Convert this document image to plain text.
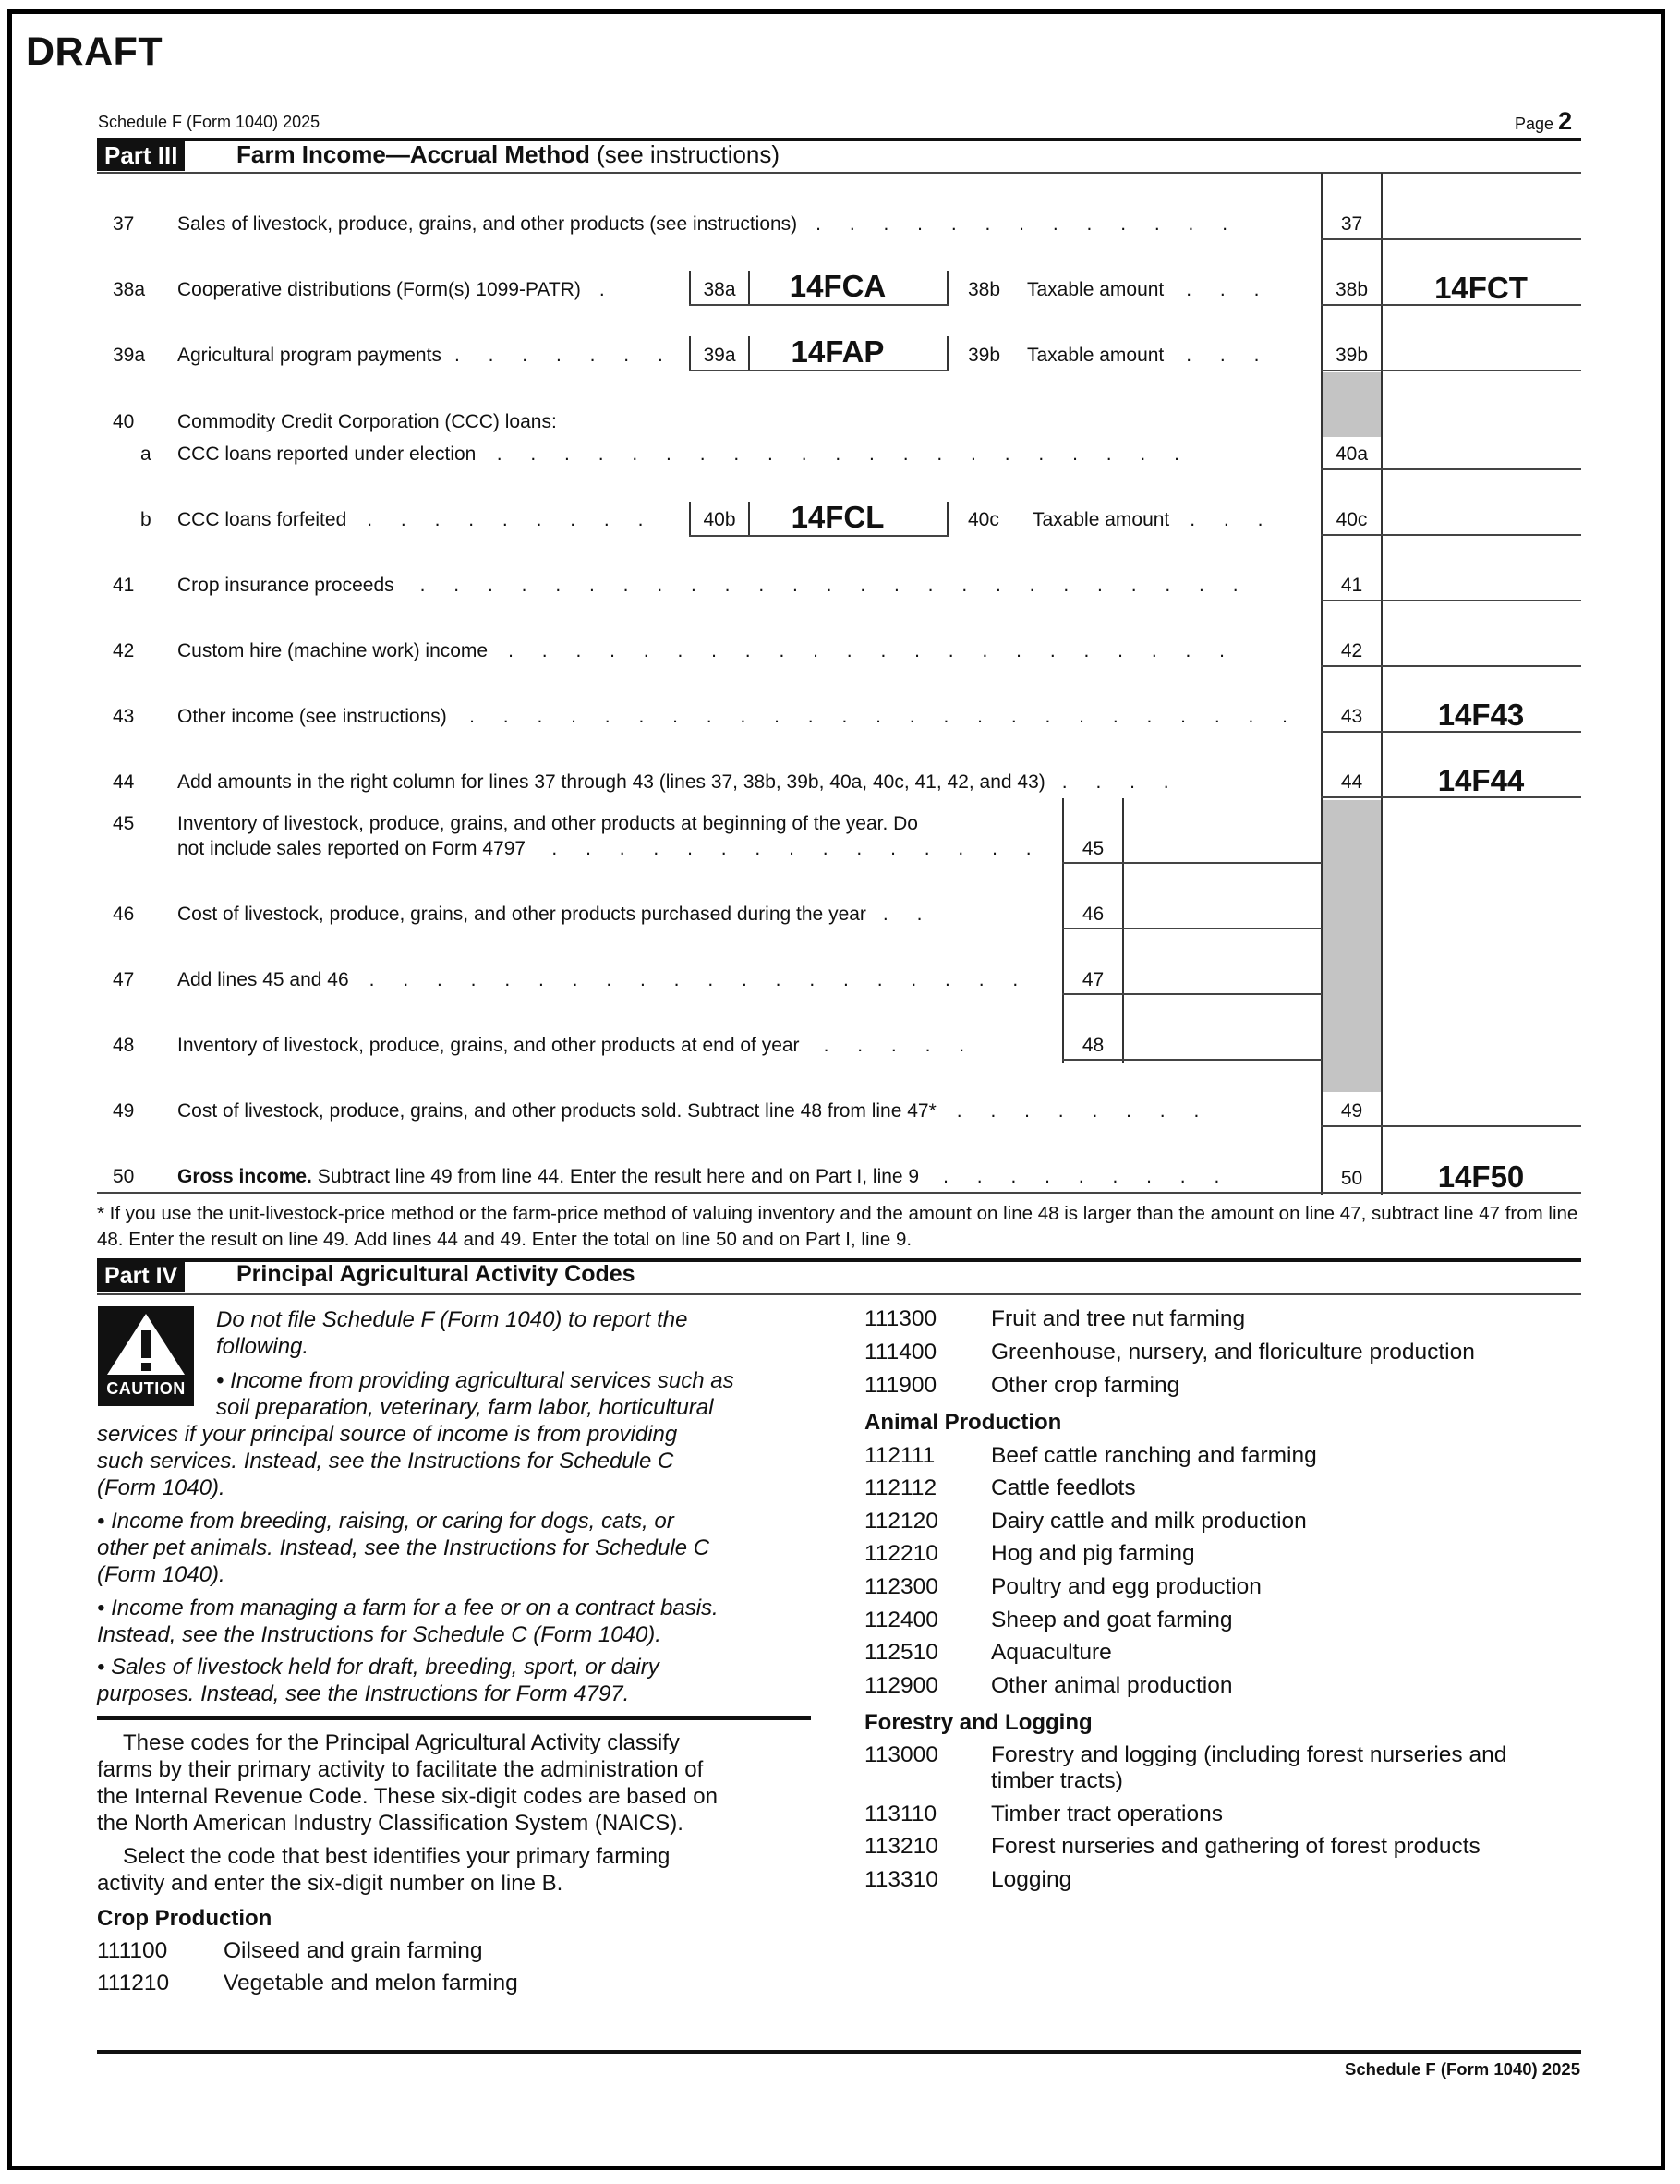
DRAFT
Schedule F (Form 1040) 2025	Page 2
Part III	Farm Income—Accrual Method (see instructions)
37 Sales of livestock, produce, grains, and other products (see instructions) . . . . . . . . . . . . .	37
38a Cooperative distributions (Form(s) 1099-PATR) .	38a	14FCA	38b Taxable amount . . .	38b	14FCT
39a Agricultural program payments . . . . . . .	39a	14FAP	39b Taxable amount . . .	39b
40 Commodity Credit Corporation (CCC) loans:
a CCC loans reported under election . . . . . . . . . . . . . . . . . . . . .	40a
b CCC loans forfeited . . . . . . . . .	40b	14FCL	40c Taxable amount . . .	40c
41 Crop insurance proceeds . . . . . . . . . . . . . . . . . . . . . . . . .	41
42 Custom hire (machine work) income . . . . . . . . . . . . . . . . . . . . . .	42
43 Other income (see instructions) . . . . . . . . . . . . . . . . . . . . . . . . .	43	14F43
44 Add amounts in the right column for lines 37 through 43 (lines 37, 38b, 39b, 40a, 40c, 41, 42, and 43) . . . .	44	14F44
45 Inventory of livestock, produce, grains, and other products at beginning of the year. Do
not include sales reported on Form 4797 . . . . . . . . . . . . . . .	45
46 Cost of livestock, produce, grains, and other products purchased during the year . .	46
47 Add lines 45 and 46 . . . . . . . . . . . . . . . . . . . .	47
48 Inventory of livestock, produce, grains, and other products at end of year . . . . .	48
49 Cost of livestock, produce, grains, and other products sold. Subtract line 48 from line 47* . . . . . . . .	49
50 Gross income. Subtract line 49 from line 44. Enter the result here and on Part I, line 9 . . . . . . . . .	50	14F50
* If you use the unit-livestock-price method or the farm-price method of valuing inventory and the amount on line 48 is larger than the amount on line 47, subtract line 47 from line 48. Enter the result on line 49. Add lines 44 and 49. Enter the total on line 50 and on Part I, line 9.
Part IV	Principal Agricultural Activity Codes
CAUTION
Do not file Schedule F (Form 1040) to report the
following.
• Income from providing agricultural services such as
soil preparation, veterinary, farm labor, horticultural
services if your principal source of income is from providing
such services. Instead, see the Instructions for Schedule C
(Form 1040).
• Income from breeding, raising, or caring for dogs, cats, or
other pet animals. Instead, see the Instructions for Schedule C
(Form 1040).
• Income from managing a farm for a fee or on a contract basis.
Instead, see the Instructions for Schedule C (Form 1040).
• Sales of livestock held for draft, breeding, sport, or dairy
purposes. Instead, see the Instructions for Form 4797.
These codes for the Principal Agricultural Activity classify
farms by their primary activity to facilitate the administration of
the Internal Revenue Code. These six-digit codes are based on
the North American Industry Classification System (NAICS).
Select the code that best identifies your primary farming
activity and enter the six-digit number on line B.
Crop Production
111100 Oilseed and grain farming
111210 Vegetable and melon farming
111300 Fruit and tree nut farming
111400 Greenhouse, nursery, and floriculture production
111900 Other crop farming
Animal Production
112111 Beef cattle ranching and farming
112112 Cattle feedlots
112120 Dairy cattle and milk production
112210 Hog and pig farming
112300 Poultry and egg production
112400 Sheep and goat farming
112510 Aquaculture
112900 Other animal production
Forestry and Logging
113000 Forestry and logging (including forest nurseries and
timber tracts)
113110 Timber tract operations
113210 Forest nurseries and gathering of forest products
113310 Logging
Schedule F (Form 1040) 2025
